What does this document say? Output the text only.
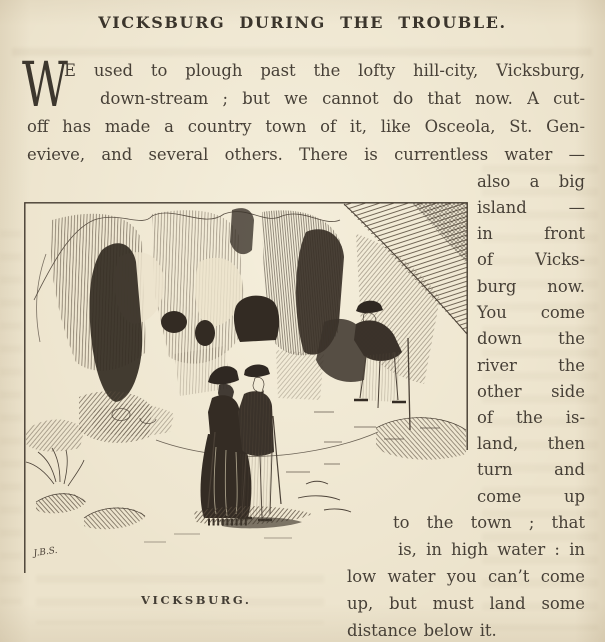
VICKSBURG DURING THE TROUBLE.
W
E used to plough past the lofty hill-city, Vicksburg,
down-stream ; but we cannot do that now. A cut-
off has made a country town of it, like Osceola, St. Gen-
evieve, and several others. There is currentless water —
also a big
island —
in front
of Vicks-
burg now.
You come
down the
river the
other side
of the is-
land, then
turn and
come up
to the town ; that
is, in high water : in
low water you can’t come
up, but must land some
distance below it.
J.B.S.
VICKSBURG.
